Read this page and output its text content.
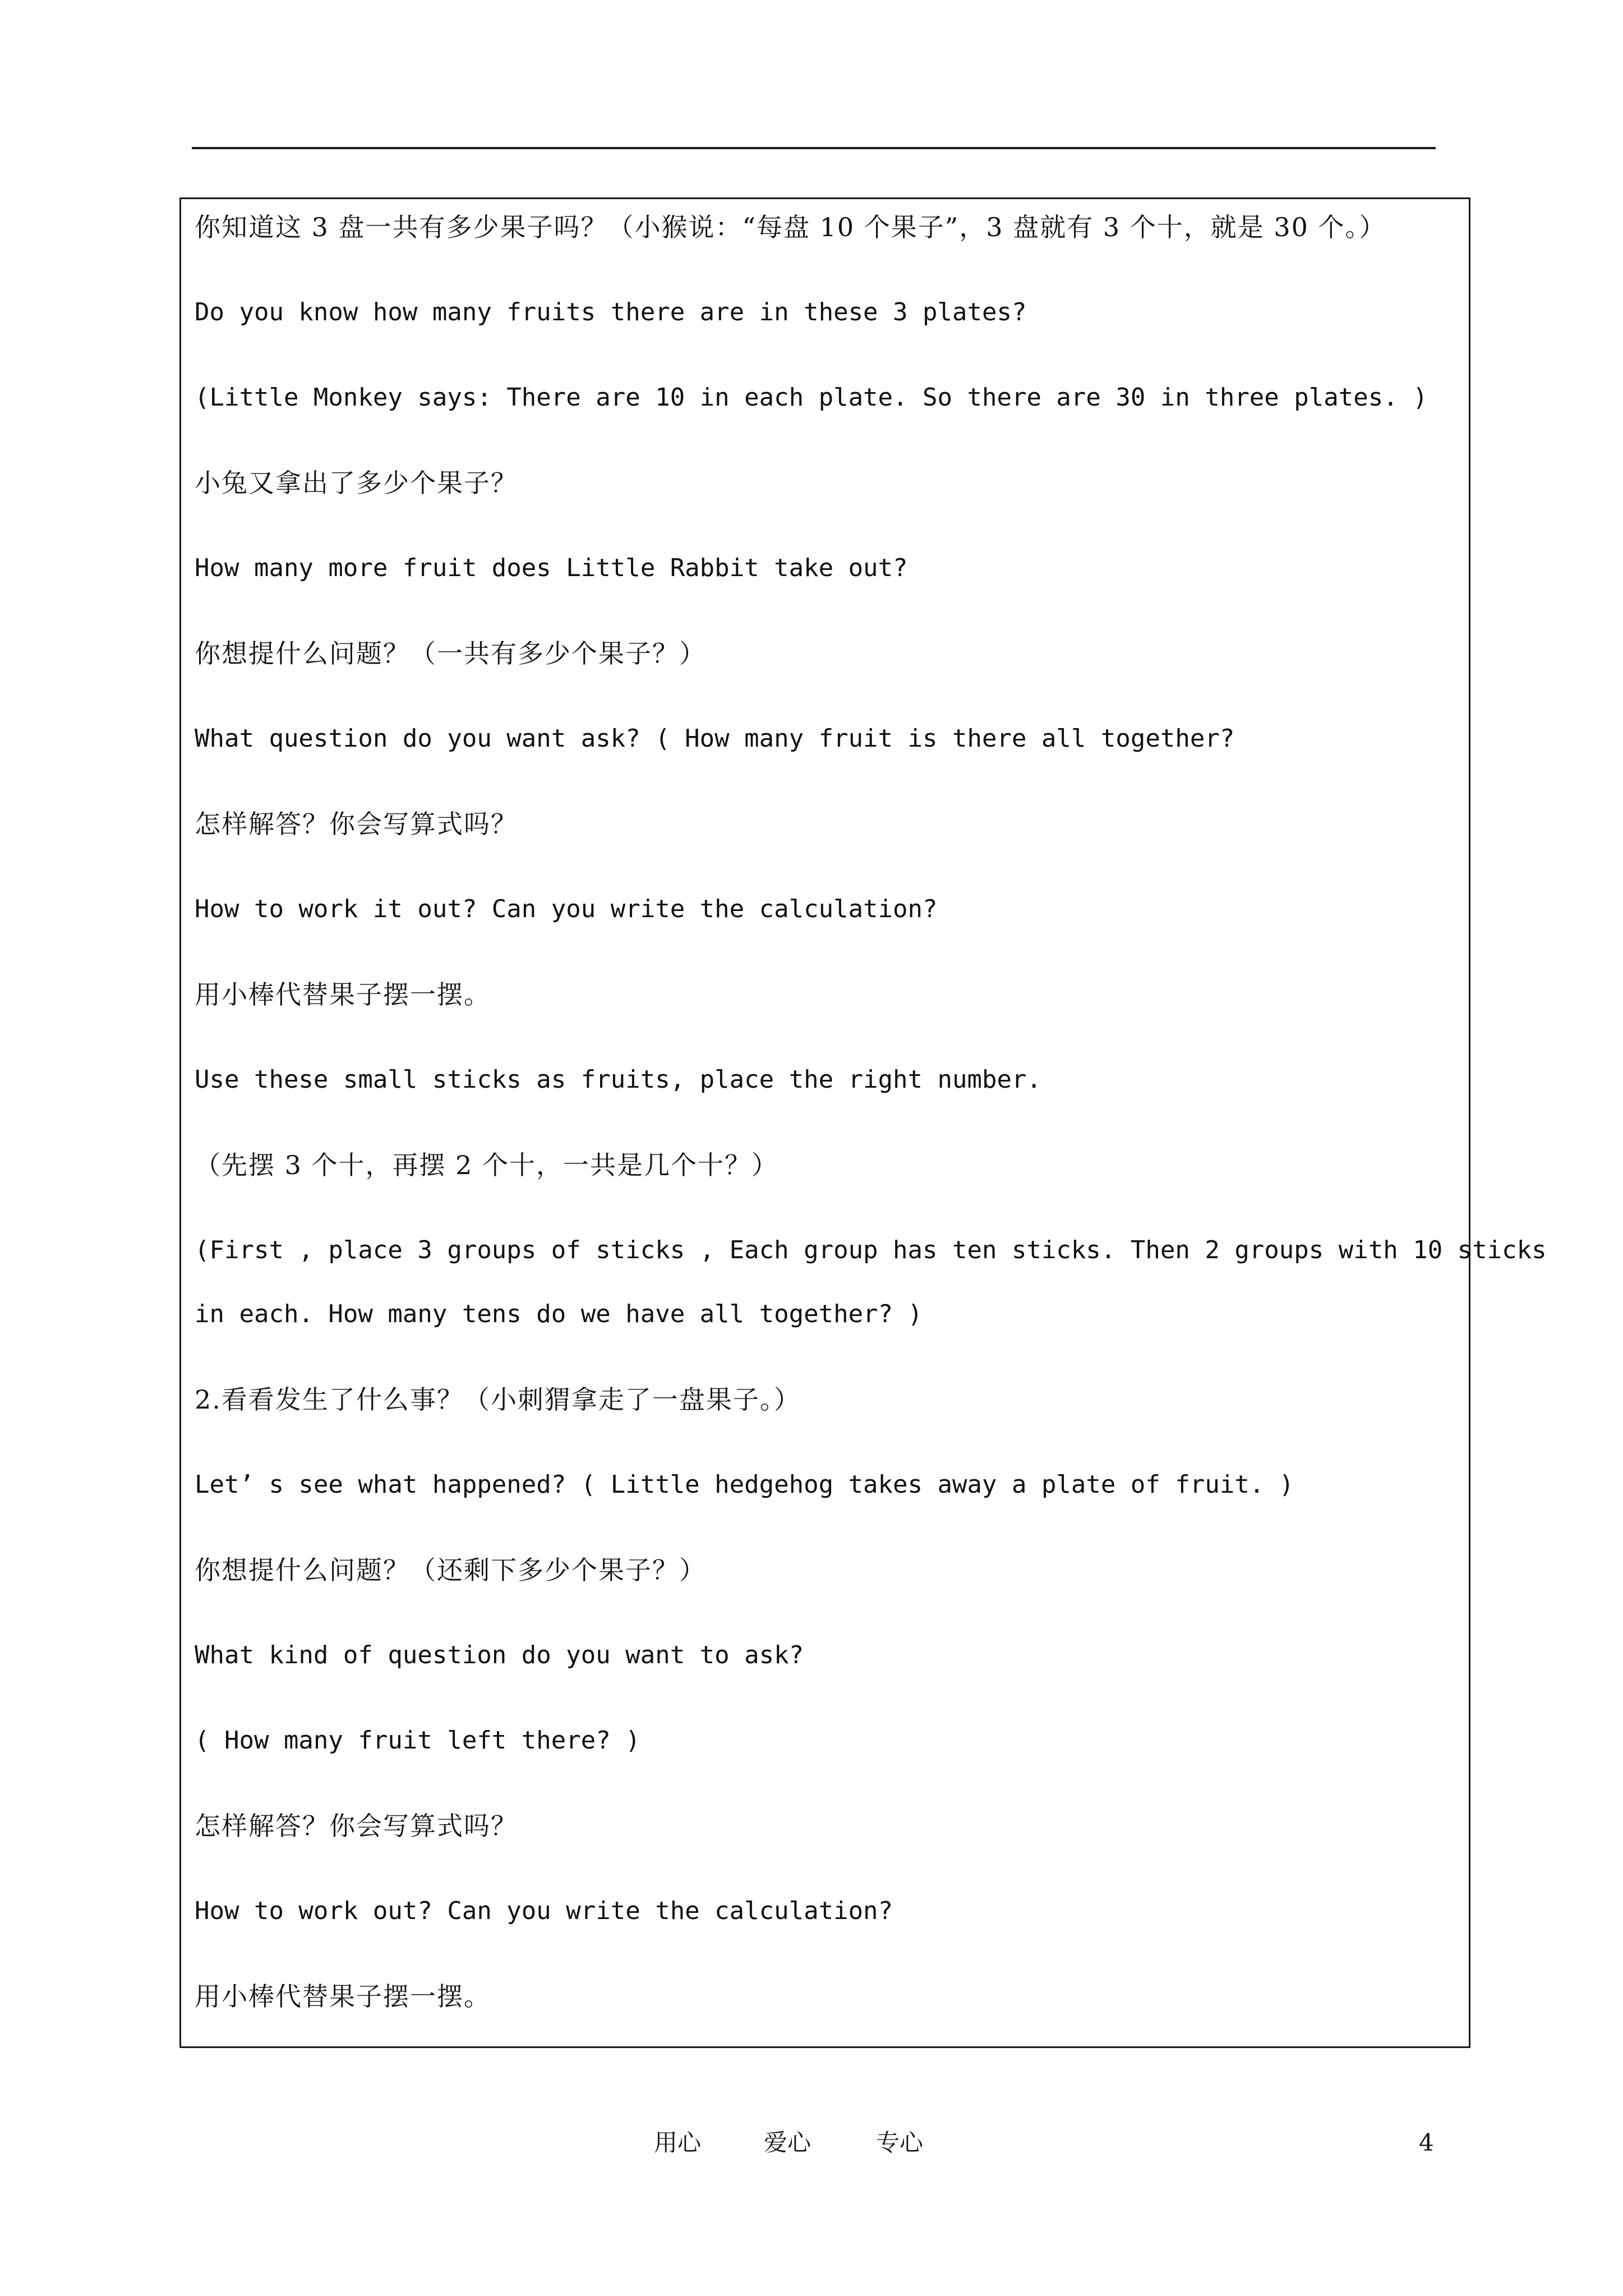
你知道这 3 盘一共有多少果子吗？（小猴说：“每盘 10 个果子”，3 盘就有 3 个十，就是 30 个。）
Do you know how many fruits there are in these 3 plates?
(Little Monkey says: There are 10 in each plate. So there are 30 in three plates. )
小兔又拿出了多少个果子？
How many more fruit does Little Rabbit take out?
你想提什么问题？（一共有多少个果子？）
What question do you want ask? ( How many fruit is there all together?
怎样解答？你会写算式吗？
How to work it out? Can you write the calculation?
用小棒代替果子摆一摆。
Use these small sticks as fruits, place the right number.
（先摆 3 个十，再摆 2 个十，一共是几个十？）
(First , place 3 groups of sticks , Each group has ten sticks. Then 2 groups with 10 sticks
in each. How many tens do we have all together? )
2.看看发生了什么事？（小刺猬拿走了一盘果子。）
Let’ s see what happened? ( Little hedgehog takes away a plate of fruit. )
你想提什么问题？（还剩下多少个果子？）
What kind of question do you want to ask?
( How many fruit left there? )
怎样解答？你会写算式吗？
How to work out? Can you write the calculation?
用小棒代替果子摆一摆。
用心	爱心	专心	4
